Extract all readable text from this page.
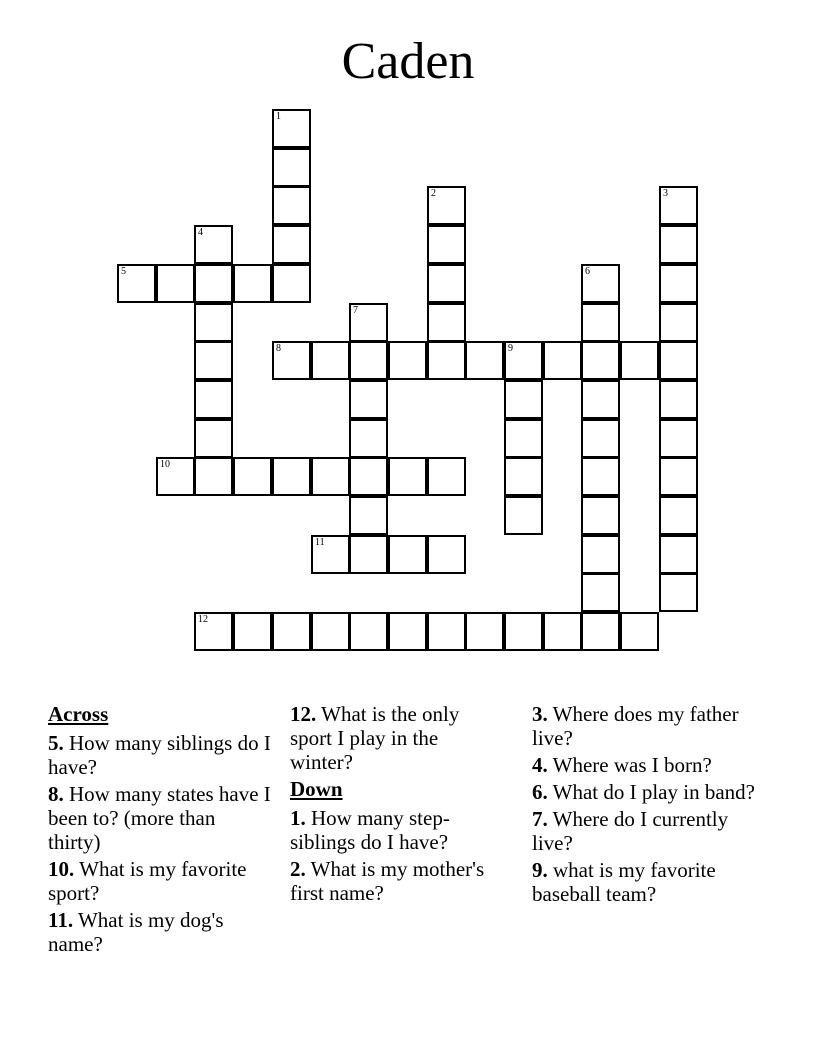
Caden
5
8	9
10
11
12
1
2	3
4
6
7
Across
5. How many siblings do I have?
8. How many states have I been to? (more than thirty)
10. What is my favorite sport?
11. What is my dog's name?
12. What is the only sport I play in the winter?
Down
1. How many step-siblings do I have?
2. What is my mother's first name?
3. Where does my father live?
4. Where was I born?
6. What do I play in band?
7. Where do I currently live?
9. what is my favorite baseball team?
